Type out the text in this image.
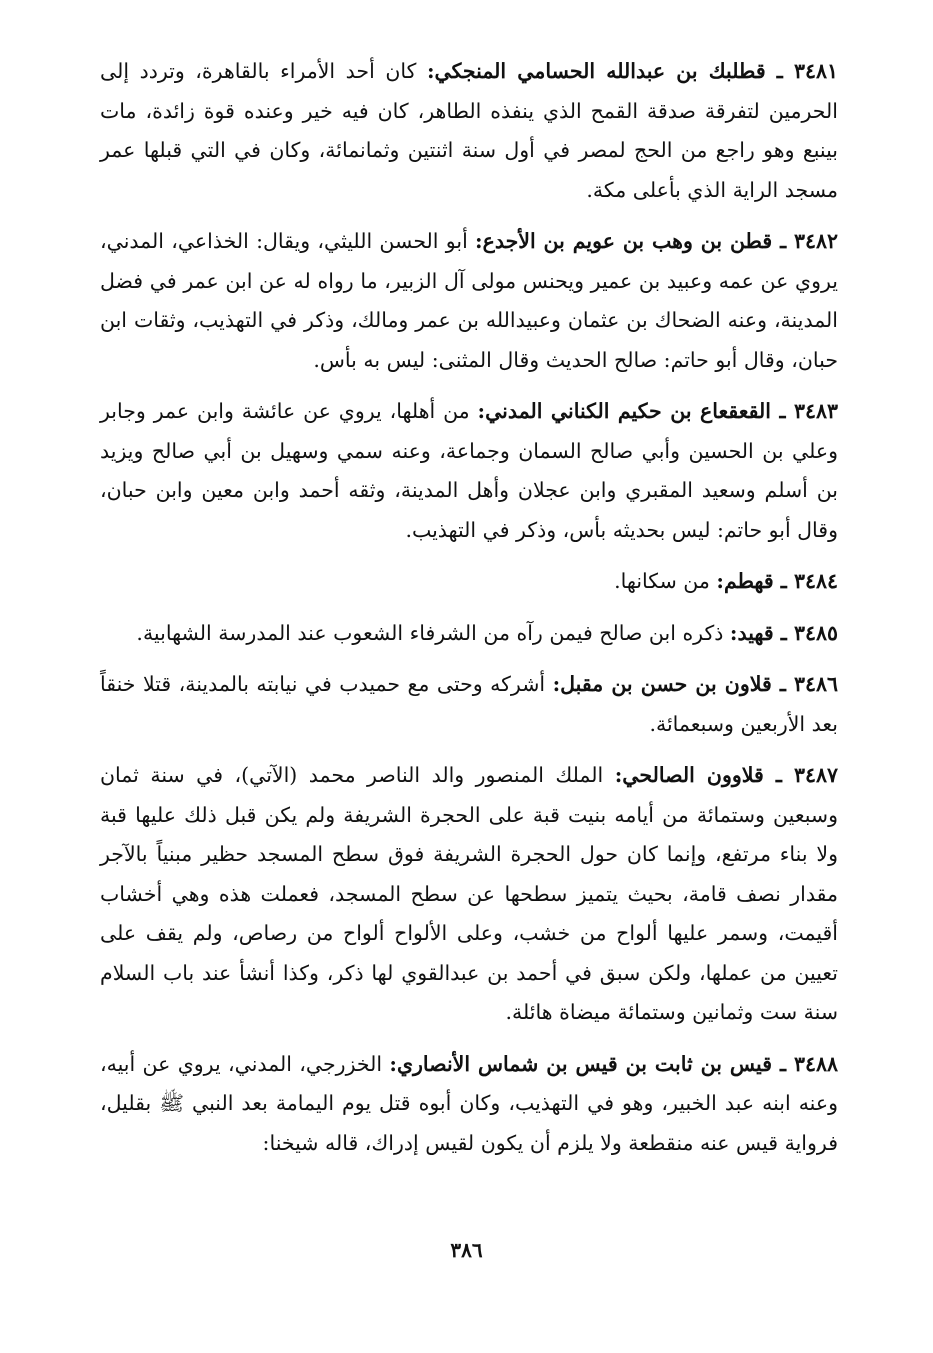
٣٤٨١ ـ قطلبك بن عبدالله الحسامي المنجكي: كان أحد الأمراء بالقاهرة، وتردد إلى الحرمين لتفرقة صدقة القمح الذي ينفذه الطاهر، كان فيه خير وعنده قوة زائدة، مات بينبع وهو راجع من الحج لمصر في أول سنة اثنتين وثمانمائة، وكان في التي قبلها عمر مسجد الراية الذي بأعلى مكة.

٣٤٨٢ ـ قطن بن وهب بن عويم بن الأجدع: أبو الحسن الليثي، ويقال: الخذاعي، المدني، يروي عن عمه وعبيد بن عمير ويحنس مولى آل الزبير، ما رواه له عن ابن عمر في فضل المدينة، وعنه الضحاك بن عثمان وعبيدالله بن عمر ومالك، وذكر في التهذيب، وثقات ابن حبان، وقال أبو حاتم: صالح الحديث وقال المثنى: ليس به بأس.

٣٤٨٣ ـ القعقعاع بن حكيم الكناني المدني: من أهلها، يروي عن عائشة وابن عمر وجابر وعلي بن الحسين وأبي صالح السمان وجماعة، وعنه سمي وسهيل بن أبي صالح ويزيد بن أسلم وسعيد المقبري وابن عجلان وأهل المدينة، وثقه أحمد وابن معين وابن حبان، وقال أبو حاتم: ليس بحديثه بأس، وذكر في التهذيب.

٣٤٨٤ ـ قهطم: من سكانها.

٣٤٨٥ ـ قهيد: ذكره ابن صالح فيمن رآه من الشرفاء الشعوب عند المدرسة الشهابية.

٣٤٨٦ ـ قلاون بن حسن بن مقبل: أشركه وحتى مع حميدب في نيابته بالمدينة، قتلا خنقاً بعد الأربعين وسبعمائة.

٣٤٨٧ ـ قلاوون الصالحي: الملك المنصور والد الناصر محمد (الآتي)، في سنة ثمان وسبعين وستمائة من أيامه بنيت قبة على الحجرة الشريفة ولم يكن قبل ذلك عليها قبة ولا بناء مرتفع، وإنما كان حول الحجرة الشريفة فوق سطح المسجد حظير مبنياً بالآجر مقدار نصف قامة، بحيث يتميز سطحها عن سطح المسجد، فعملت هذه وهي أخشاب أقيمت، وسمر عليها ألواح من خشب، وعلى الألواح ألواح من رصاص، ولم يقف على تعيين من عملها، ولكن سبق في أحمد بن عبدالقوي لها ذكر، وكذا أنشأ عند باب السلام سنة ست وثمانين وستمائة ميضاة هائلة.

٣٤٨٨ ـ قيس بن ثابت بن قيس بن شماس الأنصاري: الخزرجي، المدني، يروي عن أبيه، وعنه ابنه عبد الخبير، وهو في التهذيب، وكان أبوه قتل يوم اليمامة بعد النبي ﷺ بقليل، فرواية قيس عنه منقطعة ولا يلزم أن يكون لقيس إدراك، قاله شيخنا:

٣٨٦
